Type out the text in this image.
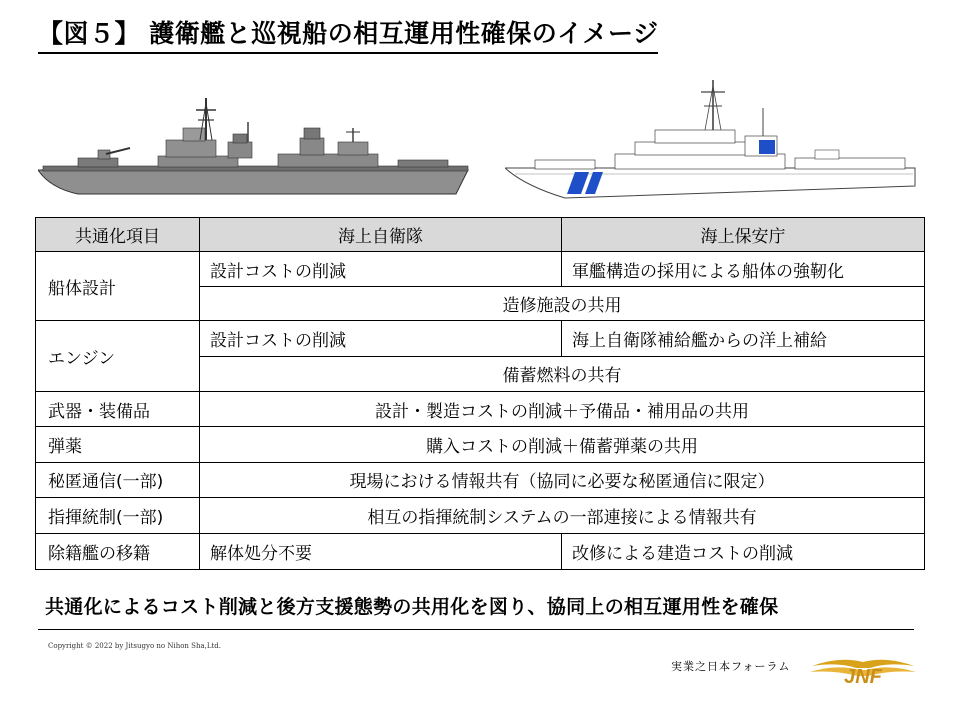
【図５】 護衛艦と巡視船の相互運用性確保のイメージ
共通化項目	海上自衛隊	海上保安庁
船体設計	設計コストの削減	軍艦構造の採用による船体の強靭化
	造修施設の共用	
エンジン	設計コストの削減	海上自衛隊補給艦からの洋上補給
	備蓄燃料の共有	
武器・装備品	設計・製造コストの削減＋予備品・補用品の共用	
弾薬	購入コストの削減＋備蓄弾薬の共用	
秘匿通信(一部)	現場における情報共有（協同に必要な秘匿通信に限定）	
指揮統制(一部)	相互の指揮統制システムの一部連接による情報共有	
除籍艦の移籍	解体処分不要	改修による建造コストの削減
共通化によるコスト削減と後方支援態勢の共用化を図り、協同上の相互運用性を確保
Copyright © 2022 by Jitsugyo no Nihon Sha,Ltd.
実業之日本フォーラム	JNF
